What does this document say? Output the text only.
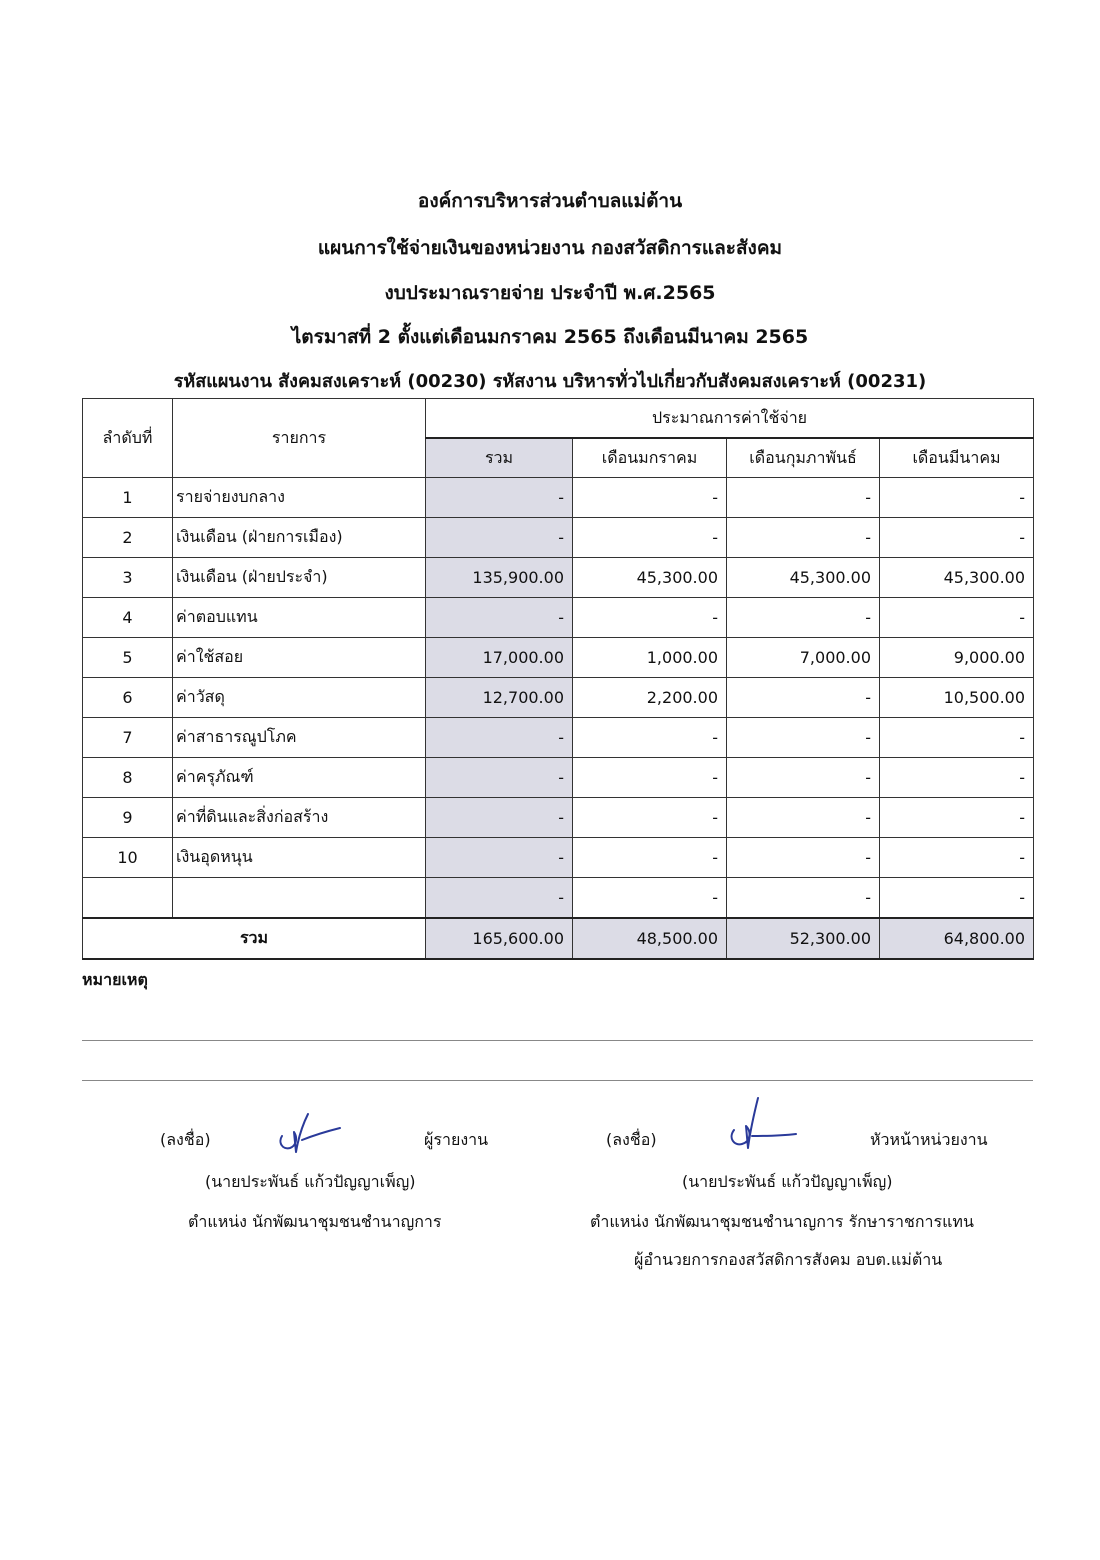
องค์การบริหารส่วนตำบลแม่ต้าน
แผนการใช้จ่ายเงินของหน่วยงาน กองสวัสดิการและสังคม
งบประมาณรายจ่าย ประจำปี พ.ศ.2565
ไตรมาสที่ 2 ตั้งแต่เดือนมกราคม 2565 ถึงเดือนมีนาคม 2565
รหัสแผนงาน สังคมสงเคราะห์ (00230) รหัสงาน บริหารทั่วไปเกี่ยวกับสังคมสงเคราะห์ (00231)
ลำดับที่	รายการ	ประมาณการค่าใช้จ่าย			
		รวม	เดือนมกราคม	เดือนกุมภาพันธ์	เดือนมีนาคม
1	รายจ่ายงบกลาง	-	-	-	-
2	เงินเดือน (ฝ่ายการเมือง)	-	-	-	-
3	เงินเดือน (ฝ่ายประจำ)	135,900.00	45,300.00	45,300.00	45,300.00
4	ค่าตอบแทน	-	-	-	-
5	ค่าใช้สอย	17,000.00	1,000.00	7,000.00	9,000.00
6	ค่าวัสดุ	12,700.00	2,200.00	-	10,500.00
7	ค่าสาธารณูปโภค	-	-	-	-
8	ค่าครุภัณฑ์	-	-	-	-
9	ค่าที่ดินและสิ่งก่อสร้าง	-	-	-	-
10	เงินอุดหนุน	-	-	-	-
		-	-	-	-
รวม		165,600.00	48,500.00	52,300.00	64,800.00
หมายเหตุ
(ลงชื่อ)	ผู้รายงาน
(นายประพันธ์ แก้วปัญญาเพ็ญ)
ตำแหน่ง นักพัฒนาชุมชนชำนาญการ
(ลงชื่อ)	หัวหน้าหน่วยงาน
(นายประพันธ์ แก้วปัญญาเพ็ญ)
ตำแหน่ง นักพัฒนาชุมชนชำนาญการ รักษาราชการแทน
ผู้อำนวยการกองสวัสดิการสังคม อบต.แม่ต้าน
